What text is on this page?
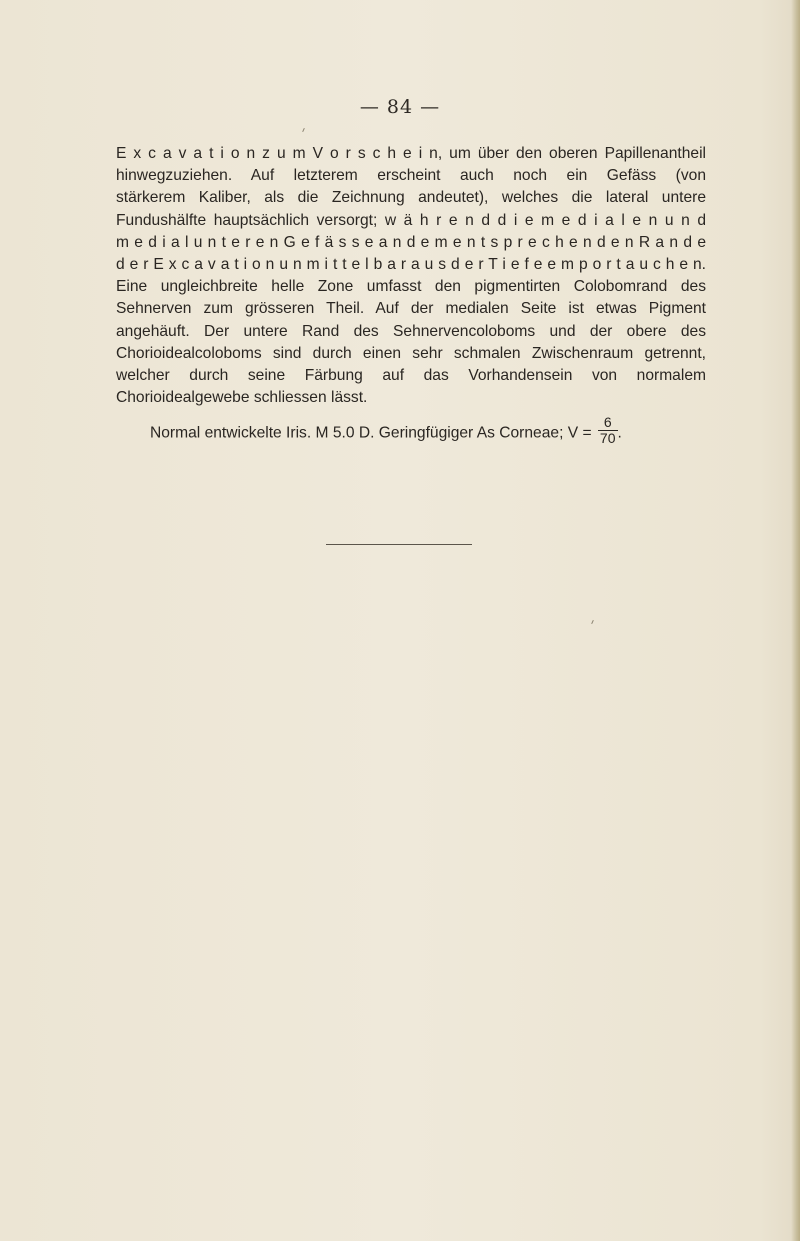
— 84 —
E x c a v a t i o n z u m V o r s c h e i n, um über den oberen Papillenantheil
hinwegzuziehen. Auf letzterem erscheint auch noch ein Gefäss (von
stärkerem Kaliber, als die Zeichnung andeutet), welches die lateral untere
Fundushälfte hauptsächlich versorgt; w ä h r e n d d i e m e d i a l e n u n d
m e d i a l u n t e r e n G e f ä s s e a n d e m e n t s p r e c h e n d e n R a n d e
d e r E x c a v a t i o n u n m i t t e l b a r a u s d e r T i e f e e m p o r t a u c h e n.
Eine ungleichbreite helle Zone umfasst den pigmentirten Colobomrand des
Sehnerven zum grösseren Theil. Auf der medialen Seite ist etwas Pigment
angehäuft. Der untere Rand des Sehnervencoloboms und der obere des
Chorioidealcoloboms sind durch einen sehr schmalen Zwischenraum getrennt,
welcher durch seine Färbung auf das Vorhandensein von normalem
Chorioidealgewebe schliessen lässt.
Normal entwickelte Iris. M 5.0 D. Geringfügiger As Corneae; $V = \frac{6}{70}$ .
